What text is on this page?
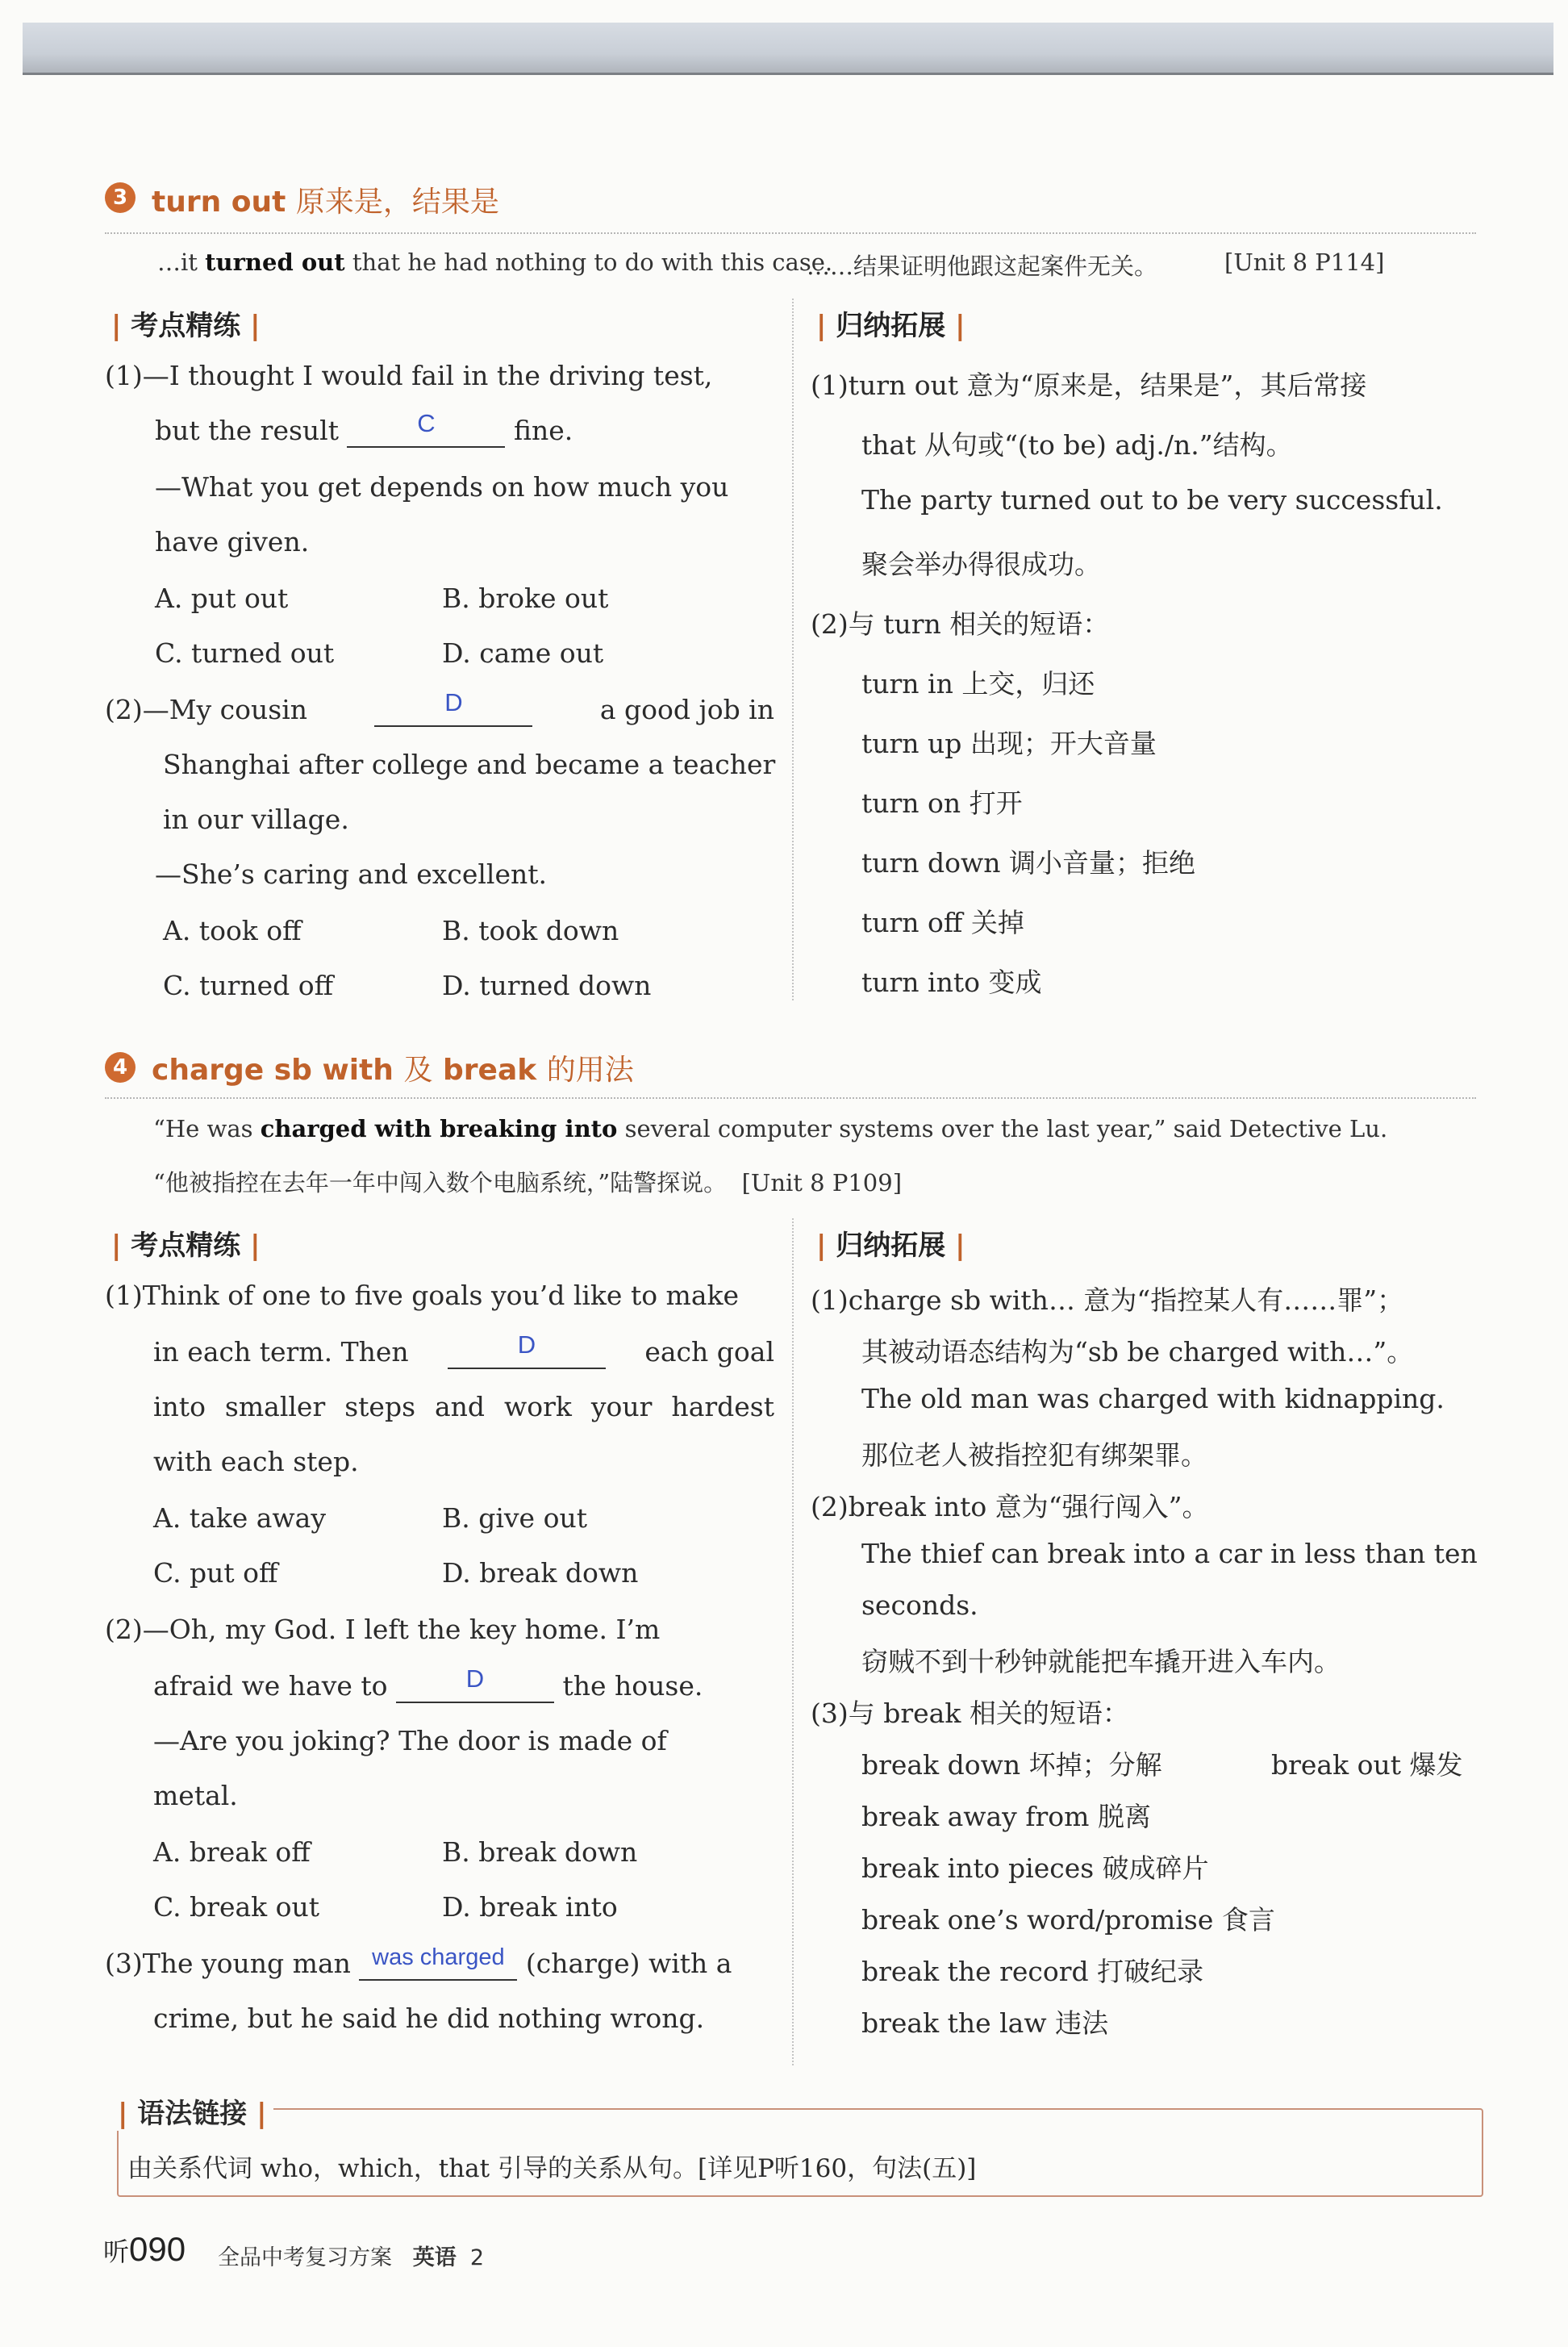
3 turn out 原来是，结果是
…it turned out that he had nothing to do with this case.
……结果证明他跟这起案件无关。	[Unit 8 P114]
| 考点精练 |	| 归纳拓展 |
(1)—I thought I would fail in the driving test,
but the result	C	fine.
—What you get depends on how much you
have given.
A. put out	B. broke out
C. turned out	D. came out
(2)—My cousin	D	a good job in
Shanghai after college and became a teacher
in our village.
—She’s caring and excellent.
A. took off	B. took down
C. turned off	D. turned down
(1)turn out 意为“原来是，结果是”，其后常接
that 从句或“(to be) adj./n.”结构。
The party turned out to be very successful.
聚会举办得很成功。
(2)与 turn 相关的短语：
turn in 上交，归还
turn up 出现；开大音量
turn on 打开
turn down 调小音量；拒绝
turn off 关掉
turn into 变成
4 charge sb with 及 break 的用法
“He was charged with breaking into several computer systems over the last year,” said Detective Lu.
“他被指控在去年一年中闯入数个电脑系统，”陆警探说。 [Unit 8 P109]
| 考点精练 |	| 归纳拓展 |
(1)Think of one to five goals you’d like to make
in each term. Then	D	each goal
into smaller steps and work your hardest
with each step.
A. take away	B. give out
C. put off	D. break down
(2)—Oh, my God. I left the key home. I’m
afraid we have to	D	the house.
—Are you joking? The door is made of
metal.
A. break off	B. break down
C. break out	D. break into
(3)The young man was charged (charge) with a
crime, but he said he did nothing wrong.
(1)charge sb with… 意为“指控某人有……罪”；
其被动语态结构为“sb be charged with…”。
The old man was charged with kidnapping.
那位老人被指控犯有绑架罪。
(2)break into 意为“强行闯入”。
The thief can break into a car in less than ten
seconds.
窃贼不到十秒钟就能把车撬开进入车内。
(3)与 break 相关的短语：
break down 坏掉；分解	break out 爆发
break away from 脱离
break into pieces 破成碎片
break one’s word/promise 食言
break the record 打破纪录
break the law 违法
| 语法链接 |
由关系代词 who，which，that 引导的关系从句。[详见P听160，句法(五)]
听090 全品中考复习方案 英语 2
